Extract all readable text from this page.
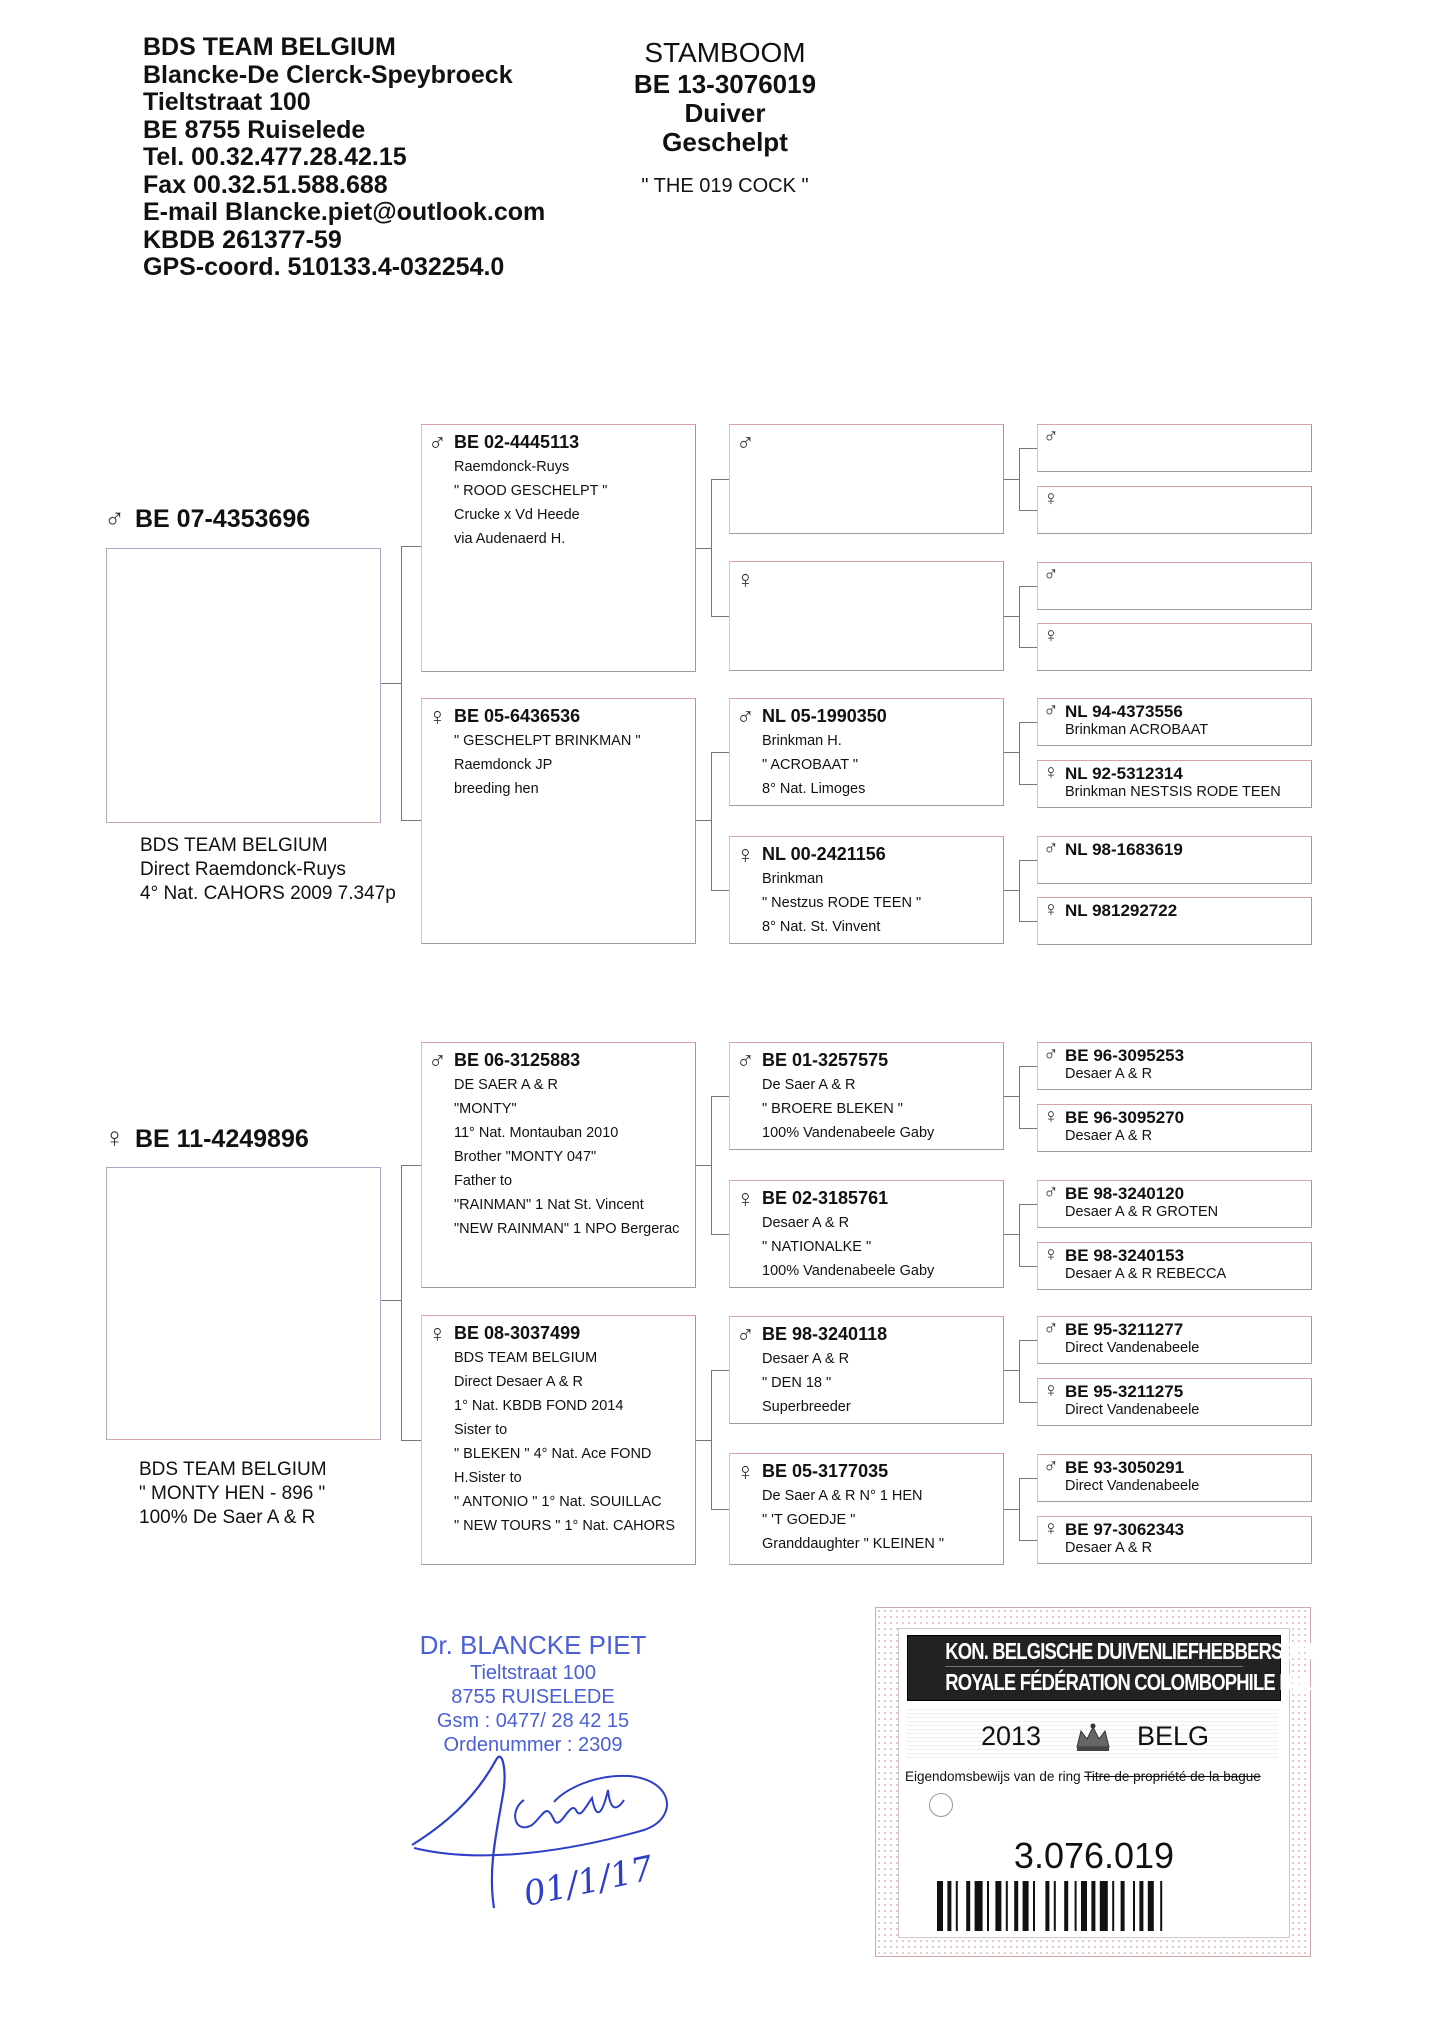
BDS TEAM BELGIUM
Blancke-De Clerck-Speybroeck
Tieltstraat 100
BE 8755 Ruiselede
Tel. 00.32.477.28.42.15
Fax 00.32.51.588.688
E-mail Blancke.piet@outlook.com
KBDB 261377-59
GPS-coord. 510133.4-032254.0
STAMBOOM
BE 13-3076019
Duiver
Geschelpt
" THE 019 COCK "
♂ BE 07-4353696
BDS TEAM BELGIUM
Direct Raemdonck-Ruys
4° Nat. CAHORS 2009 7.347p
♂ BE 02-4445113
Raemdonck-Ruys
" ROOD GESCHELPT "
Crucke x Vd Heede
via Audenaerd H.
♀ BE 05-6436536
" GESCHELPT BRINKMAN "
Raemdonck JP
breeding hen
♂
♀
♂ NL 05-1990350
Brinkman H.
" ACROBAAT "
8° Nat. Limoges
♀ NL 00-2421156
Brinkman
" Nestzus RODE TEEN "
8° Nat. St. Vinvent
♂
♀
♂
♀
♂ NL 94-4373556
Brinkman ACROBAAT
♀ NL 92-5312314
Brinkman NESTSIS RODE TEEN
♂ NL 98-1683619
♀ NL 981292722
♀ BE 11-4249896
BDS TEAM BELGIUM
" MONTY HEN - 896 "
100% De Saer A & R
♂ BE 06-3125883
DE SAER A & R
"MONTY"
11° Nat. Montauban 2010
Brother "MONTY 047"
Father to
"RAINMAN" 1 Nat St. Vincent
"NEW RAINMAN" 1 NPO Bergerac
♀ BE 08-3037499
BDS TEAM BELGIUM
Direct Desaer A & R
1° Nat. KBDB FOND 2014
Sister to
" BLEKEN " 4° Nat. Ace FOND
H.Sister to
" ANTONIO " 1° Nat. SOUILLAC
" NEW TOURS " 1° Nat. CAHORS
♂ BE 01-3257575
De Saer A & R
" BROERE BLEKEN "
100% Vandenabeele Gaby
♀ BE 02-3185761
Desaer A & R
" NATIONALKE "
100% Vandenabeele Gaby
♂ BE 98-3240118
Desaer A & R
" DEN 18 "
Superbreeder
♀ BE 05-3177035
De Saer A & R N° 1 HEN
" 'T GOEDJE "
Granddaughter " KLEINEN "
♂ BE 96-3095253
Desaer A & R
♀ BE 96-3095270
Desaer A & R
♂ BE 98-3240120
Desaer A & R GROTEN
♀ BE 98-3240153
Desaer A & R REBECCA
♂ BE 95-3211277
Direct Vandenabeele
♀ BE 95-3211275
Direct Vandenabeele
♂ BE 93-3050291
Direct Vandenabeele
♀ BE 97-3062343
Desaer A & R
Dr. BLANCKE PIET
Tieltstraat 100
8755 RUISELEDE
Gsm : 0477/ 28 42 15
Ordenummer : 2309
01/1/17
KON. BELGISCHE DUIVENLIEFHEBBERSBOND
ROYALE FÉDÉRATION COLOMBOPHILE BELGE
2013	BELG
Eigendomsbewijs van de ring Titre de propriété de la bague
3.076.019
